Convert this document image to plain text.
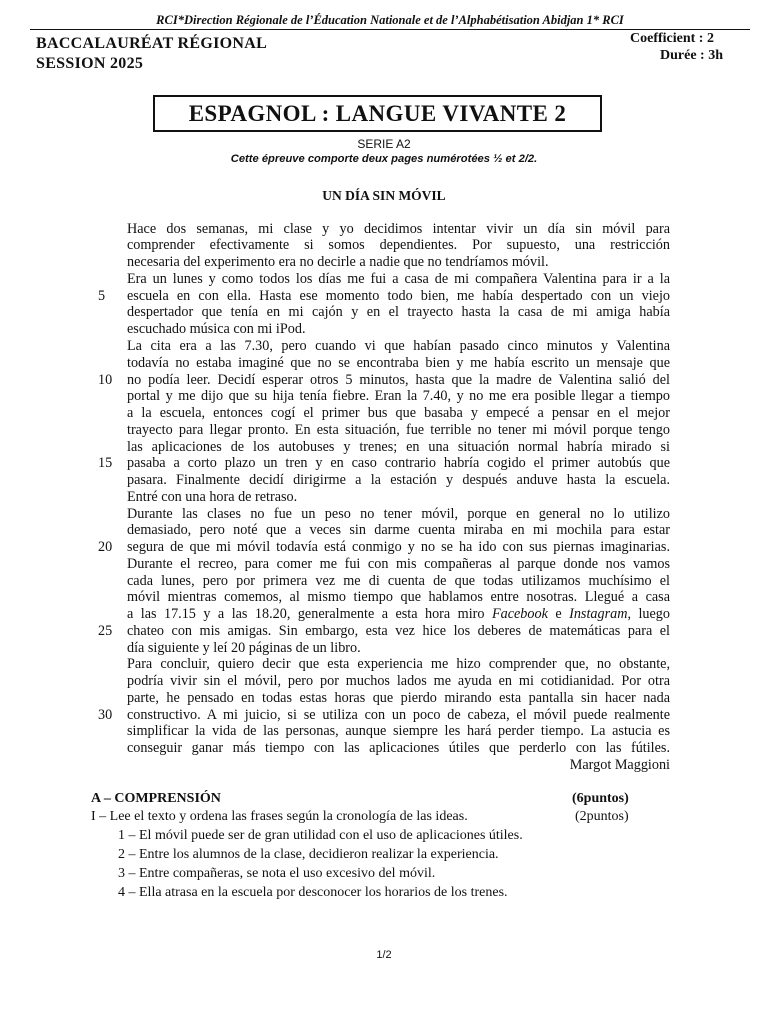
RCI*Direction Régionale de l’Éducation Nationale et de l’Alphabétisation Abidjan 1* RCI
BACCALAURÉAT RÉGIONAL
SESSION 2025
Coefficient : 2
Durée : 3h
ESPAGNOL : LANGUE VIVANTE 2
SERIE A2
Cette épreuve comporte deux pages numérotées ½ et 2/2.
UN DÍA SIN MÓVIL
Hace dos semanas, mi clase y yo decidimos intentar vivir un día sin móvil para
comprender efectivamente si somos dependientes. Por supuesto, una restricción
necesaria del experimento era no decirle a nadie que no tendríamos móvil.
Era un lunes y como todos los días me fui a casa de mi compañera Valentina para ir a la
escuela en con ella. Hasta ese momento todo bien, me había despertado con un viejo
despertador que tenía en mi cajón y en el trayecto hasta la casa de mi amiga había
escuchado música con mi iPod.
La cita era a las 7.30, pero cuando vi que habían pasado cinco minutos y Valentina
todavía no estaba imaginé que no se encontraba bien y me había escrito un mensaje que
no podía leer. Decidí esperar otros 5 minutos, hasta que la madre de Valentina salió del
portal y me dijo que su hija tenía fiebre. Eran la 7.40, y no me era posible llegar a tiempo
a la escuela, entonces cogí el primer bus que basaba y empecé a pensar en el mejor
trayecto para llegar pronto. En esta situación, fue terrible no tener mi móvil porque tengo
las aplicaciones de los autobuses y trenes; en una situación normal habría mirado si
pasaba a corto plazo un tren y en caso contrario habría cogido el primer autobús que
pasara. Finalmente decidí dirigirme a la estación y después anduve hasta la escuela.
Entré con una hora de retraso.
Durante las clases no fue un peso no tener móvil, porque en general no lo utilizo
demasiado, pero noté que a veces sin darme cuenta miraba en mi mochila para estar
segura de que mi móvil todavía está conmigo y no se ha ido con sus piernas imaginarias.
Durante el recreo, para comer me fui con mis compañeras al parque donde nos vamos
cada lunes, pero por primera vez me di cuenta de que todas utilizamos muchísimo el
móvil mientras comemos, al mismo tiempo que hablamos entre nosotras. Llegué a casa
a las 17.15 y a las 18.20, generalmente a esta hora miro Facebook e Instagram, luego
chateo con mis amigas. Sin embargo, esta vez hice los deberes de matemáticas para el
día siguiente y leí 20 páginas de un libro.
Para concluir, quiero decir que esta experiencia me hizo comprender que, no obstante,
podría vivir sin el móvil, pero por muchos lados me ayuda en mi cotidianidad. Por otra
parte, he pensado en todas estas horas que pierdo mirando esta pantalla sin hacer nada
constructivo. A mi juicio, si se utiliza con un poco de cabeza, el móvil puede realmente
simplificar la vida de las personas, aunque siempre les hará perder tiempo. La astucia es
conseguir ganar más tiempo con las aplicaciones útiles que perderlo con las fútiles.
Margot Maggioni
5
10
15
20
25
30
A – COMPRENSIÓN	(6puntos)
I – Lee el texto y ordena las frases según la cronología de las ideas.	(2puntos)
1 – El móvil puede ser de gran utilidad con el uso de aplicaciones útiles.
2 – Entre los alumnos de la clase, decidieron realizar la experiencia.
3 – Entre compañeras, se nota el uso excesivo del móvil.
4 – Ella atrasa en la escuela por desconocer los horarios de los trenes.
1/2
